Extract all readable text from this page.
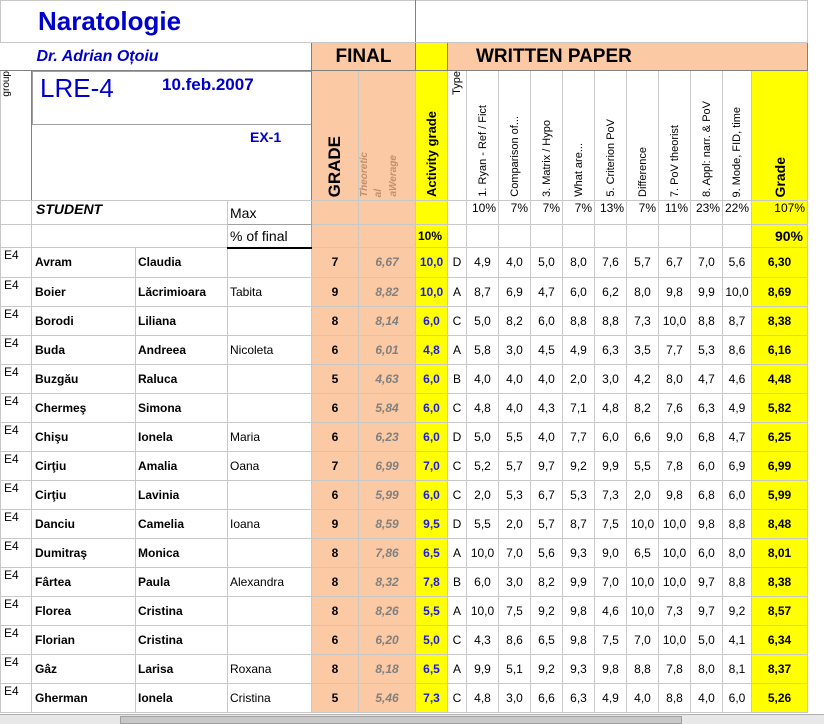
Naratologie																	
Dr. Adrian Oțoiu				FINAL			WRITTEN PAPER										
group	LRE-4 10.feb.2007
EX-1			GRADE	Theoretic al aWerage	Activity grade	Type	1. Ryan - Ref / Fict	Comparison of...	3. Matrix / Hypo	What are...	5. Criterion PoV	Difference	7. PoV theorist	8. Appl: narr. & PoV	9. Mode, FID, time	Grade
	STUDENT		Max					10%	7%	7%	7%	13%	7%	11%	23%	22%	107%
			% of final			10%											90%
E4	Avram	Claudia		7	6,67	10,0	D	4,9	4,0	5,0	8,0	7,6	5,7	6,7	7,0	5,6	6,30
E4	Boier	Lăcrimioara	Tabita	9	8,82	10,0	A	8,7	6,9	4,7	6,0	6,2	8,0	9,8	9,9	10,0	8,69
E4	Borodi	Liliana		8	8,14	6,0	C	5,0	8,2	6,0	8,8	8,8	7,3	10,0	8,8	8,7	8,38
E4	Buda	Andreea	Nicoleta	6	6,01	4,8	A	5,8	3,0	4,5	4,9	6,3	3,5	7,7	5,3	8,6	6,16
E4	Buzgău	Raluca		5	4,63	6,0	B	4,0	4,0	4,0	2,0	3,0	4,2	8,0	4,7	4,6	4,48
E4	Chermeş	Simona		6	5,84	6,0	C	4,8	4,0	4,3	7,1	4,8	8,2	7,6	6,3	4,9	5,82
E4	Chişu	Ionela	Maria	6	6,23	6,0	D	5,0	5,5	4,0	7,7	6,0	6,6	9,0	6,8	4,7	6,25
E4	Cirţiu	Amalia	Oana	7	6,99	7,0	C	5,2	5,7	9,7	9,2	9,9	5,5	7,8	6,0	6,9	6,99
E4	Cirţiu	Lavinia		6	5,99	6,0	C	2,0	5,3	6,7	5,3	7,3	2,0	9,8	6,8	6,0	5,99
E4	Danciu	Camelia	Ioana	9	8,59	9,5	D	5,5	2,0	5,7	8,7	7,5	10,0	10,0	9,8	8,8	8,48
E4	Dumitraş	Monica		8	7,86	6,5	A	10,0	7,0	5,6	9,3	9,0	6,5	10,0	6,0	8,0	8,01
E4	Fârtea	Paula	Alexandra	8	8,32	7,8	B	6,0	3,0	8,2	9,9	7,0	10,0	10,0	9,7	8,8	8,38
E4	Florea	Cristina		8	8,26	5,5	A	10,0	7,5	9,2	9,8	4,6	10,0	7,3	9,7	9,2	8,57
E4	Florian	Cristina		6	6,20	5,0	C	4,3	8,6	6,5	9,8	7,5	7,0	10,0	5,0	4,1	6,34
E4	Gâz	Larisa	Roxana	8	8,18	6,5	A	9,9	5,1	9,2	9,3	9,8	8,8	7,8	8,0	8,1	8,37
E4	Gherman	Ionela	Cristina	5	5,46	7,3	C	4,8	3,0	6,6	6,3	4,9	4,0	8,8	4,0	6,0	5,26
